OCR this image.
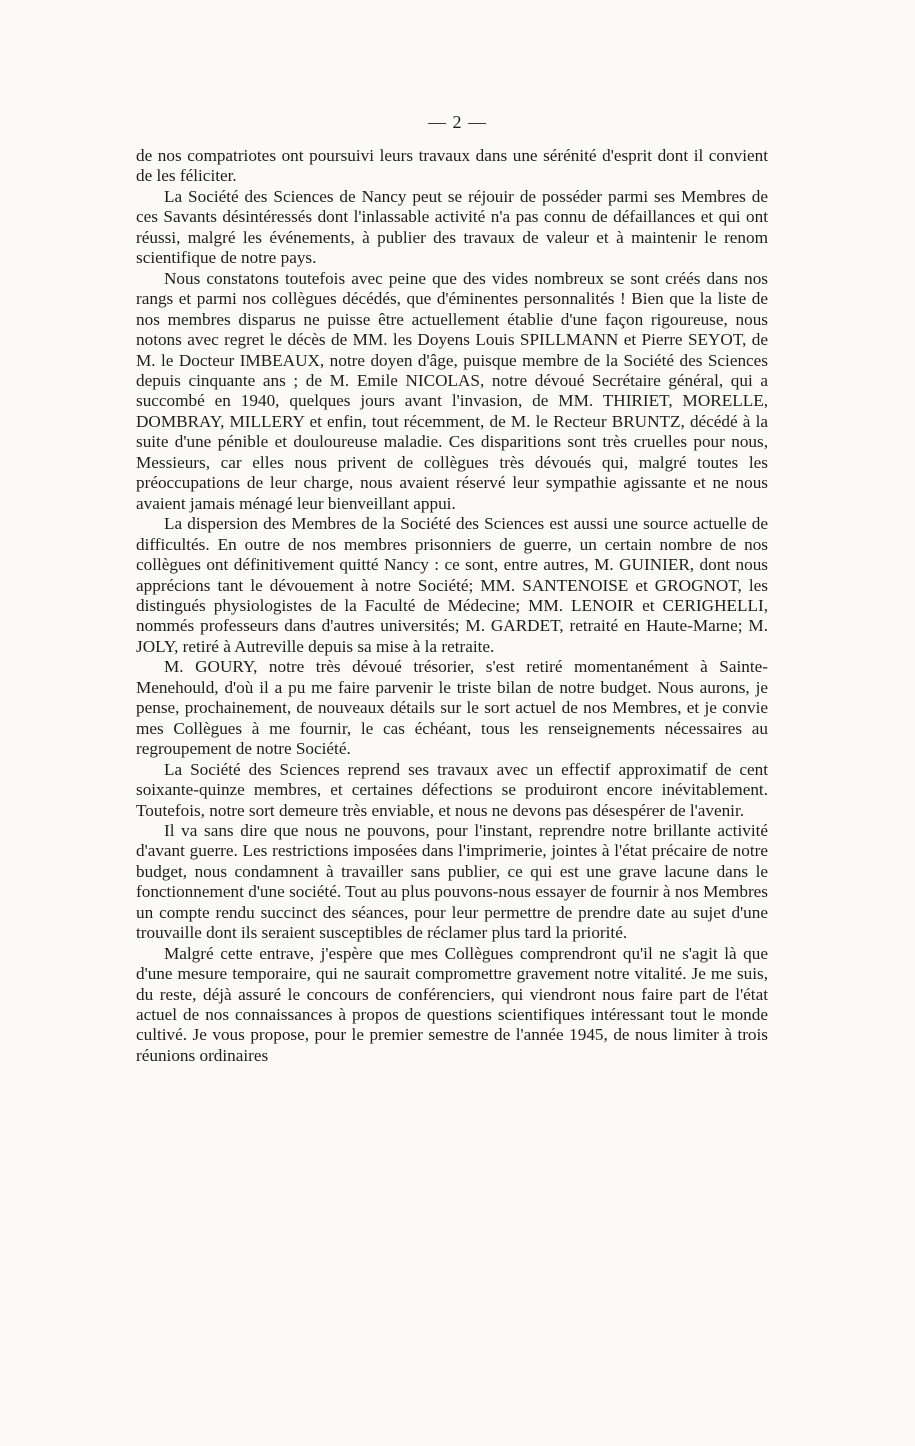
— 2 —

de nos compatriotes ont poursuivi leurs travaux dans une sérénité d'esprit dont il convient de les féliciter.

La Société des Sciences de Nancy peut se réjouir de posséder parmi ses Membres de ces Savants désintéressés dont l'inlassable activité n'a pas connu de défaillances et qui ont réussi, malgré les événements, à publier des travaux de valeur et à maintenir le renom scientifique de notre pays.

Nous constatons toutefois avec peine que des vides nombreux se sont créés dans nos rangs et parmi nos collègues décédés, que d'éminentes personnalités ! Bien que la liste de nos membres disparus ne puisse être actuellement établie d'une façon rigoureuse, nous notons avec regret le décès de MM. les Doyens Louis SPILLMANN et Pierre SEYOT, de M. le Docteur IMBEAUX, notre doyen d'âge, puisque membre de la Société des Sciences depuis cinquante ans ; de M. Emile NICOLAS, notre dévoué Secrétaire général, qui a succombé en 1940, quelques jours avant l'invasion, de MM. THIRIET, MORELLE, DOMBRAY, MILLERY et enfin, tout récemment, de M. le Recteur BRUNTZ, décédé à la suite d'une pénible et douloureuse maladie. Ces disparitions sont très cruelles pour nous, Messieurs, car elles nous privent de collègues très dévoués qui, malgré toutes les préoccupations de leur charge, nous avaient réservé leur sympathie agissante et ne nous avaient jamais ménagé leur bienveillant appui.

La dispersion des Membres de la Société des Sciences est aussi une source actuelle de difficultés. En outre de nos membres prisonniers de guerre, un certain nombre de nos collègues ont définitivement quitté Nancy : ce sont, entre autres, M. GUINIER, dont nous apprécions tant le dévouement à notre Société; MM. SANTENOISE et GROGNOT, les distingués physiologistes de la Faculté de Médecine; MM. LENOIR et CERIGHELLI, nommés professeurs dans d'autres universités; M. GARDET, retraité en Haute-Marne; M. JOLY, retiré à Autreville depuis sa mise à la retraite.

M. GOURY, notre très dévoué trésorier, s'est retiré momentanément à Sainte-Menehould, d'où il a pu me faire parvenir le triste bilan de notre budget. Nous aurons, je pense, prochainement, de nouveaux détails sur le sort actuel de nos Membres, et je convie mes Collègues à me fournir, le cas échéant, tous les renseignements nécessaires au regroupement de notre Société.

La Société des Sciences reprend ses travaux avec un effectif approximatif de cent soixante-quinze membres, et certaines défections se produiront encore inévitablement. Toutefois, notre sort demeure très enviable, et nous ne devons pas désespérer de l'avenir.

Il va sans dire que nous ne pouvons, pour l'instant, reprendre notre brillante activité d'avant guerre. Les restrictions imposées dans l'imprimerie, jointes à l'état précaire de notre budget, nous condamnent à travailler sans publier, ce qui est une grave lacune dans le fonctionnement d'une société. Tout au plus pouvons-nous essayer de fournir à nos Membres un compte rendu succinct des séances, pour leur permettre de prendre date au sujet d'une trouvaille dont ils seraient susceptibles de réclamer plus tard la priorité.

Malgré cette entrave, j'espère que mes Collègues comprendront qu'il ne s'agit là que d'une mesure temporaire, qui ne saurait compromettre gravement notre vitalité. Je me suis, du reste, déjà assuré le concours de conférenciers, qui viendront nous faire part de l'état actuel de nos connaissances à propos de questions scientifiques intéressant tout le monde cultivé. Je vous propose, pour le premier semestre de l'année 1945, de nous limiter à trois réunions ordinaires
